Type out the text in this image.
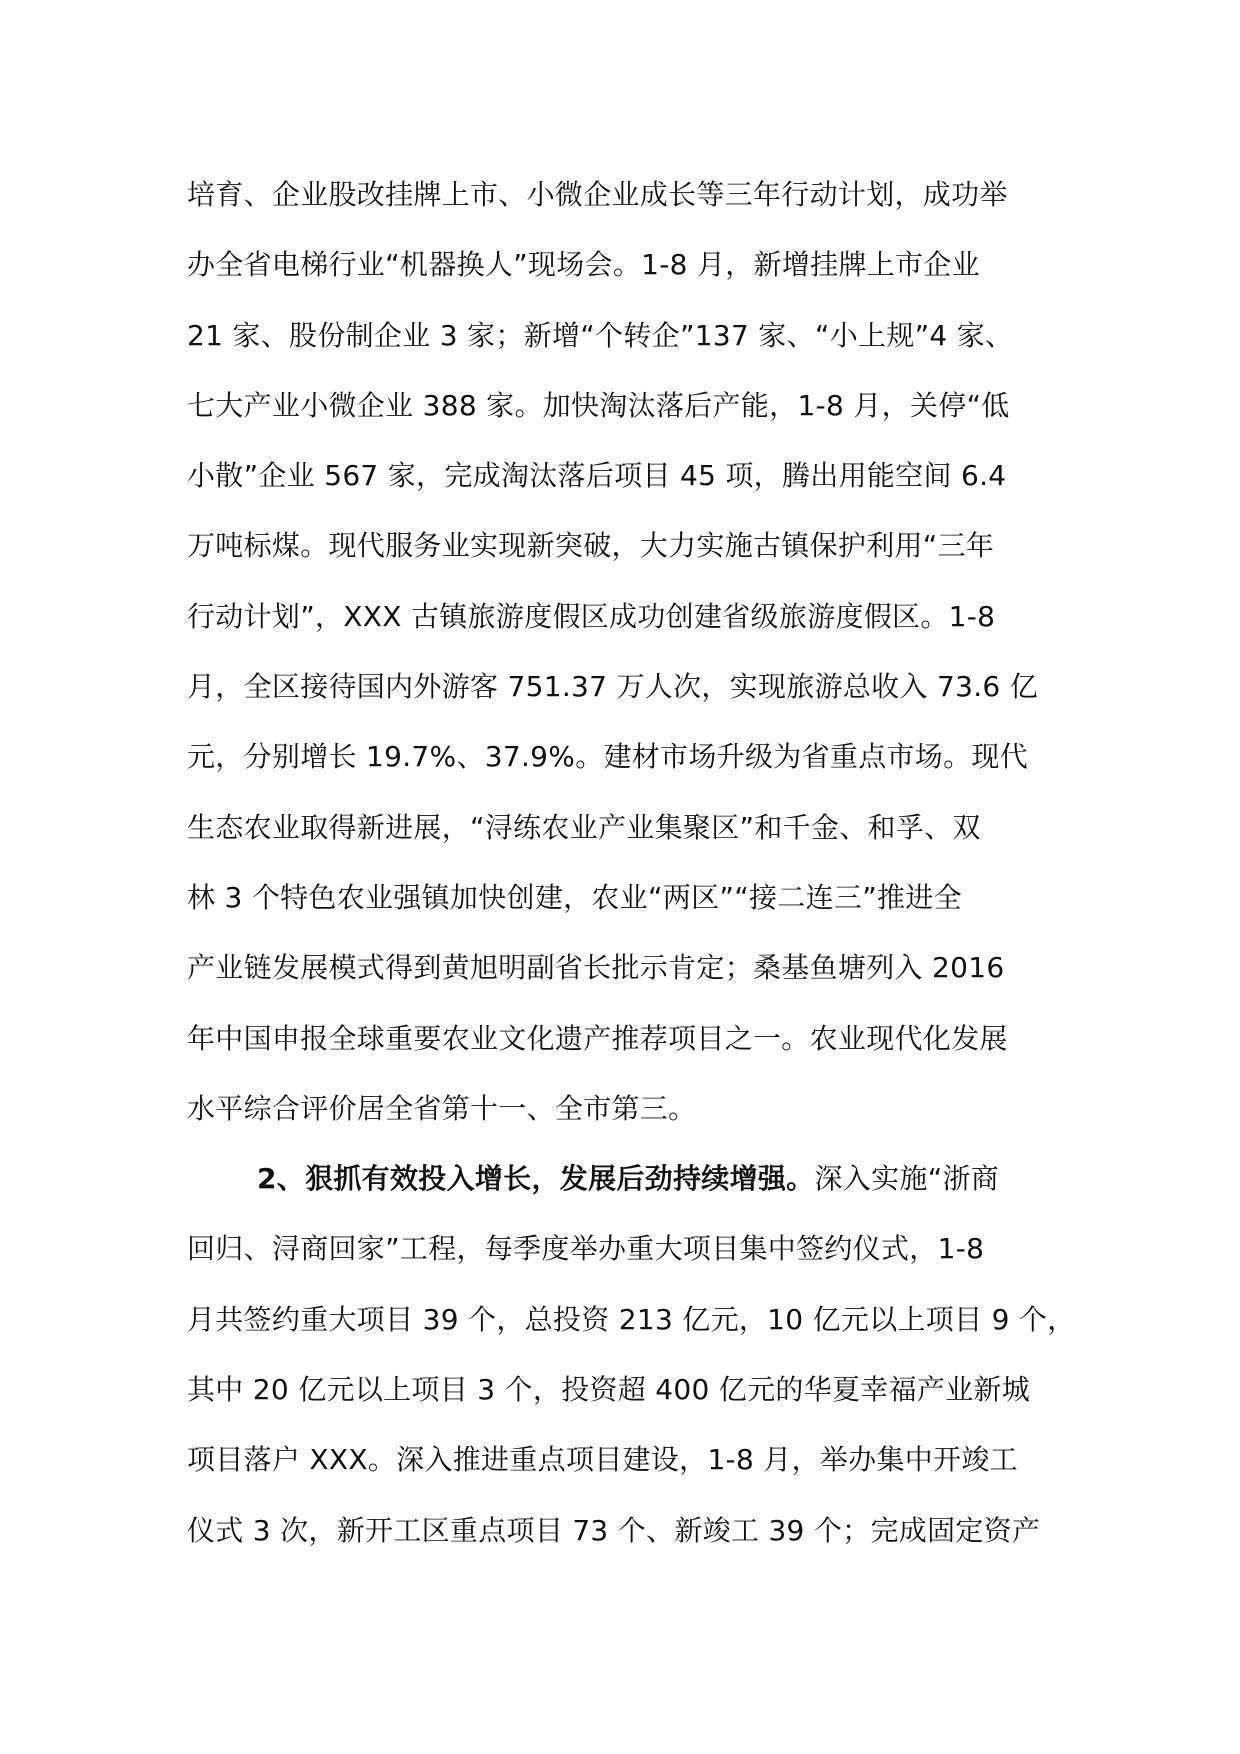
培育、企业股改挂牌上市、小微企业成长等三年行动计划，成功举
办全省电梯行业“机器换人”现场会。1-8 月，新增挂牌上市企业
21 家、股份制企业 3 家；新增“个转企”137 家、“小上规”4 家、
七大产业小微企业 388 家。加快淘汰落后产能，1-8 月，关停“低
小散”企业 567 家，完成淘汰落后项目 45 项，腾出用能空间 6.4
万吨标煤。现代服务业实现新突破，大力实施古镇保护利用“三年
行动计划”，XXX 古镇旅游度假区成功创建省级旅游度假区。1-8
月，全区接待国内外游客 751.37 万人次，实现旅游总收入 73.6 亿
元，分别增长 19.7%、37.9%。建材市场升级为省重点市场。现代
生态农业取得新进展，“浔练农业产业集聚区”和千金、和孚、双
林 3 个特色农业强镇加快创建，农业“两区”“接二连三”推进全
产业链发展模式得到黄旭明副省长批示肯定；桑基鱼塘列入 2016
年中国申报全球重要农业文化遗产推荐项目之一。农业现代化发展
水平综合评价居全省第十一、全市第三。
2、狠抓有效投入增长，发展后劲持续增强。深入实施“浙商
回归、浔商回家”工程，每季度举办重大项目集中签约仪式，1-8
月共签约重大项目 39 个，总投资 213 亿元，10 亿元以上项目 9 个，
其中 20 亿元以上项目 3 个，投资超 400 亿元的华夏幸福产业新城
项目落户 XXX。深入推进重点项目建设，1-8 月，举办集中开竣工
仪式 3 次，新开工区重点项目 73 个、新竣工 39 个；完成固定资产
